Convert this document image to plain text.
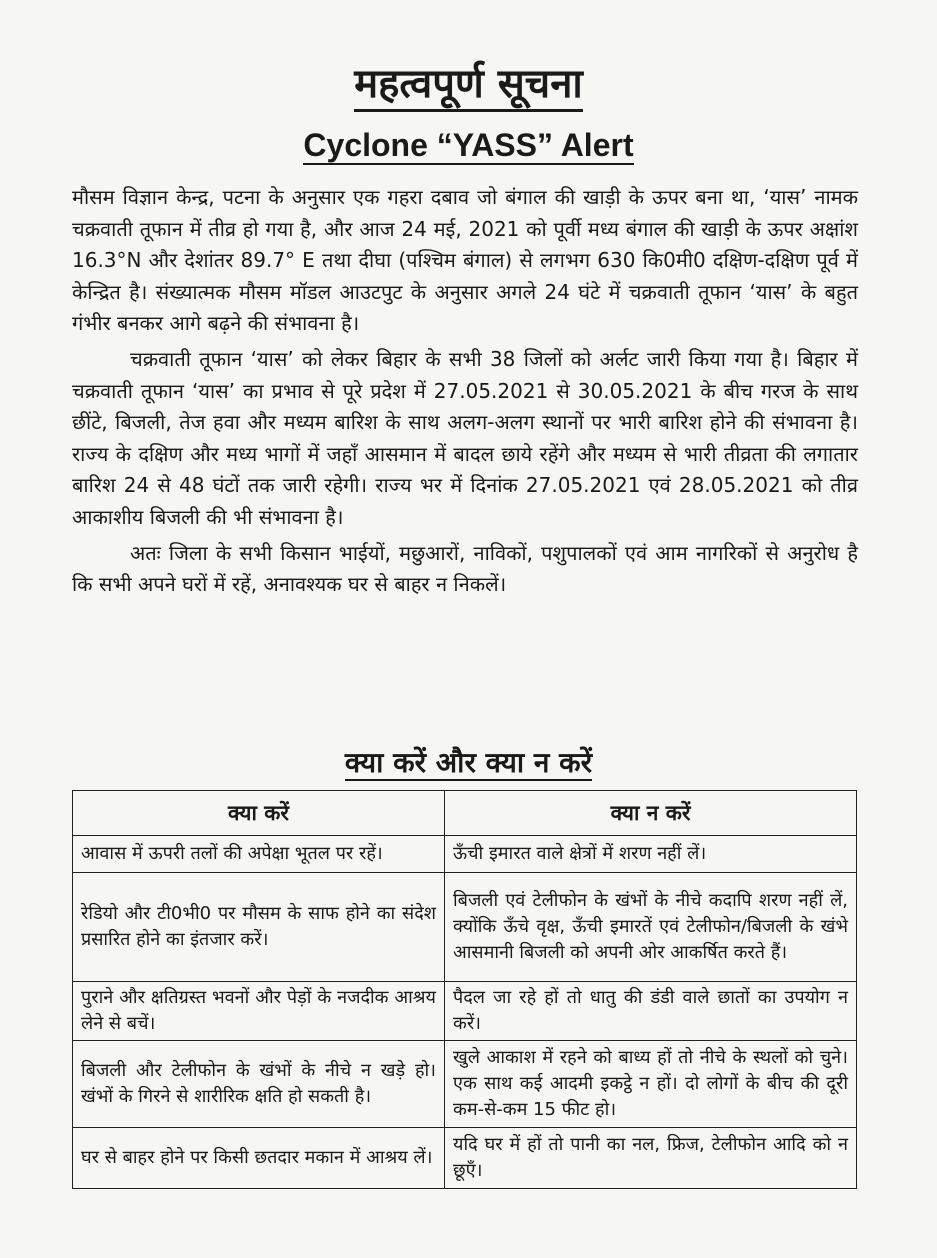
महत्वपूर्ण सूचना
Cyclone “YASS” Alert

मौसम विज्ञान केन्द्र, पटना के अनुसार एक गहरा दबाव जो बंगाल की खाड़ी के ऊपर बना था, ‘यास’ नामक चक्रवाती तूफान में तीव्र हो गया है, और आज 24 मई, 2021 को पूर्वी मध्य बंगाल की खाड़ी के ऊपर अक्षांश 16.3°N और देशांतर 89.7° E तथा दीघा (पश्चिम बंगाल) से लगभग 630 कि0मी0 दक्षिण-दक्षिण पूर्व में केन्द्रित है। संख्यात्मक मौसम मॉडल आउटपुट के अनुसार अगले 24 घंटे में चक्रवाती तूफान ‘यास’ के बहुत गंभीर बनकर आगे बढ़ने की संभावना है।

चक्रवाती तूफान ‘यास’ को लेकर बिहार के सभी 38 जिलों को अर्लट जारी किया गया है। बिहार में चक्रवाती तूफान ‘यास’ का प्रभाव से पूरे प्रदेश में 27.05.2021 से 30.05.2021 के बीच गरज के साथ छींटे, बिजली, तेज हवा और मध्यम बारिश के साथ अलग-अलग स्थानों पर भारी बारिश होने की संभावना है। राज्य के दक्षिण और मध्य भागों में जहाँ आसमान में बादल छाये रहेंगे और मध्यम से भारी तीव्रता की लगातार बारिश 24 से 48 घंटों तक जारी रहेगी। राज्य भर में दिनांक 27.05.2021 एवं 28.05.2021 को तीव्र आकाशीय बिजली की भी संभावना है।

अतः जिला के सभी किसान भाईयों, मछुआरों, नाविकों, पशुपालकों एवं आम नागरिकों से अनुरोध है कि सभी अपने घरों में रहें, अनावश्यक घर से बाहर न निकलें।

क्या करें और क्या न करें
क्या करें	क्या न करें
आवास में ऊपरी तलों की अपेक्षा भूतल पर रहें।	ऊँची इमारत वाले क्षेत्रों में शरण नहीं लें।
रेडियो और टी0भी0 पर मौसम के साफ होने का संदेश प्रसारित होने का इंतजार करें।	बिजली एवं टेलीफोन के खंभों के नीचे कदापि शरण नहीं लें, क्योंकि ऊँचे वृक्ष, ऊँची इमारतें एवं टेलीफोन/बिजली के खंभे आसमानी बिजली को अपनी ओर आकर्षित करते हैं।
पुराने और क्षतिग्रस्त भवनों और पेड़ों के नजदीक आश्रय लेने से बचें।	पैदल जा रहे हों तो धातु की डंडी वाले छातों का उपयोग न करें।
बिजली और टेलीफोन के खंभों के नीचे न खड़े हो। खंभों के गिरने से शारीरिक क्षति हो सकती है।	खुले आकाश में रहने को बाध्य हों तो नीचे के स्थलों को चुने। एक साथ कई आदमी इकट्ठे न हों। दो लोगों के बीच की दूरी कम-से-कम 15 फीट हो।
घर से बाहर होने पर किसी छतदार मकान में आश्रय लें।	यदि घर में हों तो पानी का नल, फ्रिज, टेलीफोन आदि को न छूएँ।
